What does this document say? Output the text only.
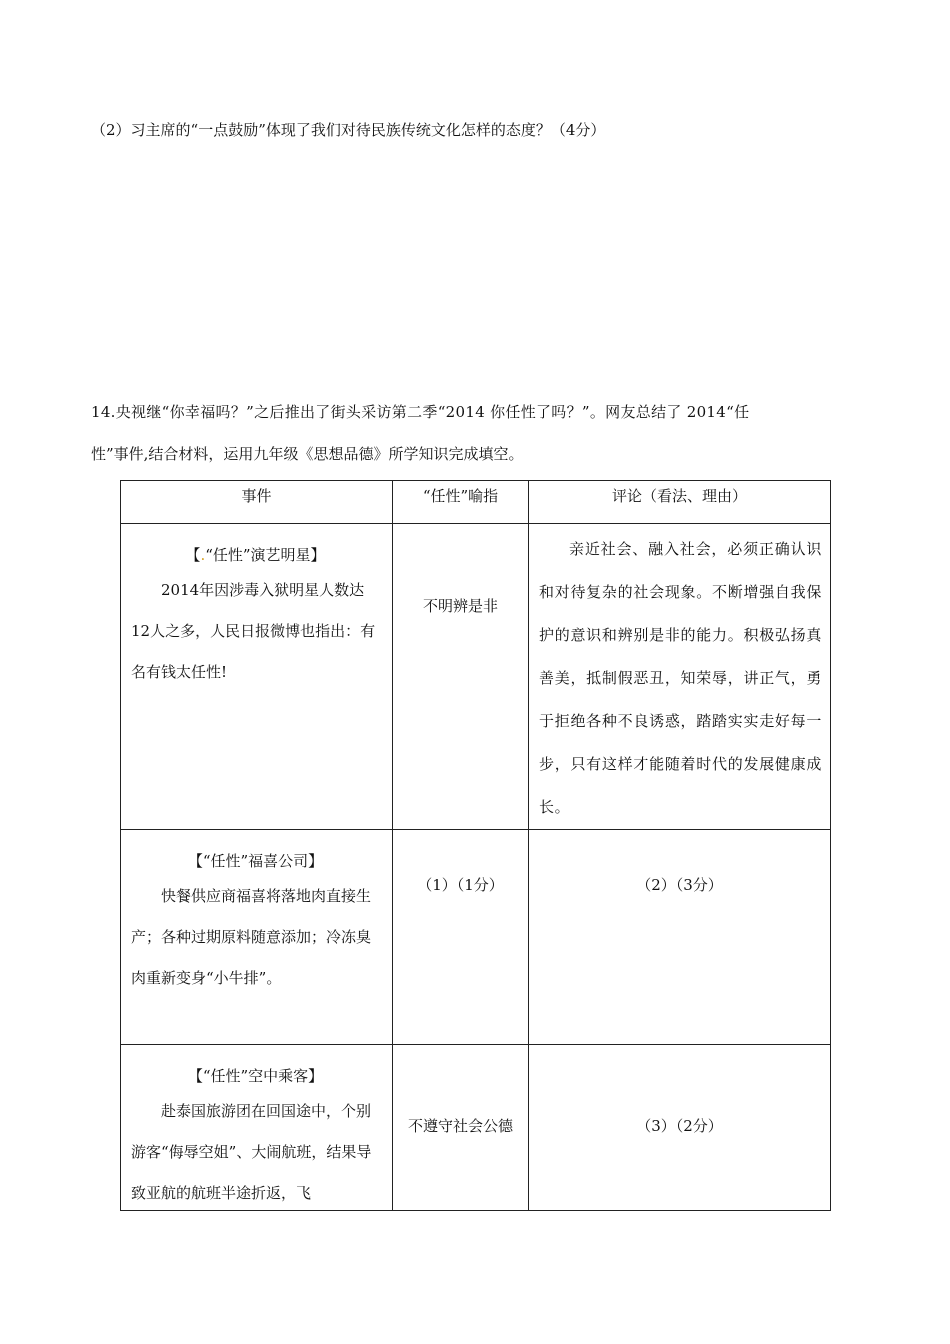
（2）习主席的“一点鼓励”体现了我们对待民族传统文化怎样的态度？（4分）
14.央视继“你幸福吗？”之后推出了街头采访第二季“2014 你任性了吗？”。网友总结了 2014“任
性”事件,结合材料，运用九年级《思想品德》所学知识完成填空。
事件	“任性”喻指	评论（看法、理由）

【.“任性”演艺明星】
2014年因涉毒入狱明星人数达12人之多，人民日报微博也指出：有名有钱太任性!	不明辨是非	亲近社会、融入社会，必须正确认识和对待复杂的社会现象。不断增强自我保护的意识和辨别是非的能力。积极弘扬真善美，抵制假恶丑，知荣辱，讲正气，勇于拒绝各种不良诱惑，踏踏实实走好每一步，只有这样才能随着时代的发展健康成长。

【“任性”福喜公司】
快餐供应商福喜将落地肉直接生产；各种过期原料随意添加；冷冻臭肉重新变身“小牛排”。	（1）（1分）	（2）（3分）

【“任性”空中乘客】
赴泰国旅游团在回国途中，个别游客“侮辱空姐”、大闹航班，结果导致亚航的航班半途折返，飞	不遵守社会公德	（3）（2分）
